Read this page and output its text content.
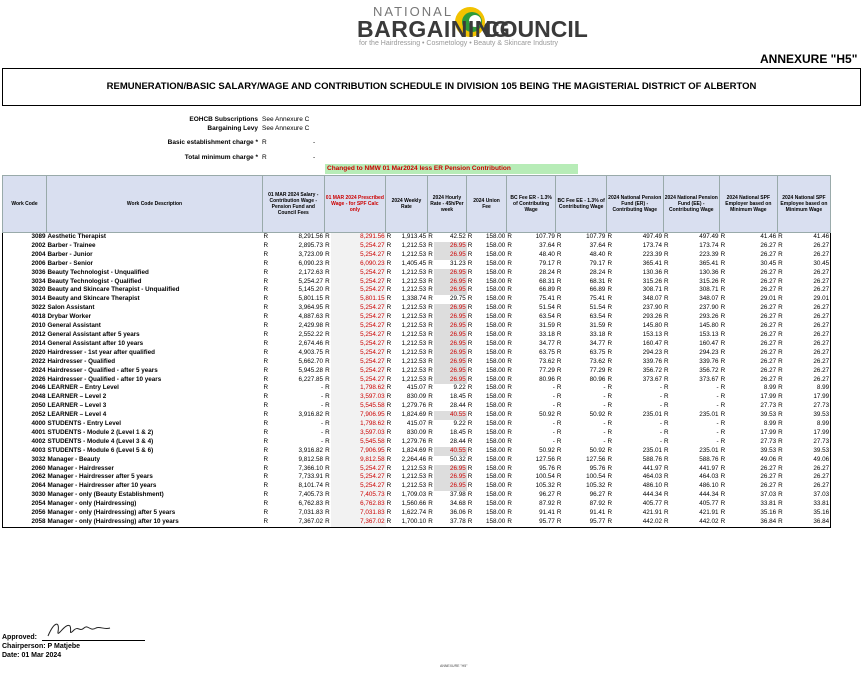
NATIONAL
BARGAINING
COUNCIL
for the Hairdressing • Cosmetology • Beauty & Skincare Industry
ANNEXURE "H5"
REMUNERATION/BASIC SALARY/WAGE AND CONTRIBUTION SCHEDULE IN DIVISION 105 BEING THE MAGISTERIAL DISTRICT OF ALBERTON
EOHCB Subscriptions See Annexure C
Bargaining Levy See Annexure C
Basic establishment charge * R	-
Total minimum charge * R	-
Changed to NMW 01 Mar2024 less ER Pension Contribution
Work Code	Work Code Description	01 MAR 2024 Salary - Contribution Wage - Pension Fund and Council Fees		01 MAR 2024 Prescribed Wage - for SPF Calc only		2024 Weekly Rate		2024 Hourly Rate - 45h/Per week		2024 Union Fee		BC Fee ER - 1.3% of Contributing Wage		BC Fee EE - 1.3% of Contributing Wage		2024 National Pension Fund (ER) - Contributing Wage		2024 National Pension Fund (EE) - Contributing Wage		2024 National SPF Employer based on Minimum Wage		2024 National SPF Employee based on Minimum Wage	
3089	Aesthetic Therapist	R	8,291.56	R	8,291.56	R	1,913.45	R	42.52	R	158.00	R	107.79	R	107.79	R	497.49	R	497.49	R	41.46	R	41.46
2002	Barber - Trainee	R	2,895.73	R	5,254.27	R	1,212.53	R	26.95	R	158.00	R	37.64	R	37.64	R	173.74	R	173.74	R	26.27	R	26.27
2004	Barber - Junior	R	3,723.09	R	5,254.27	R	1,212.53	R	26.95	R	158.00	R	48.40	R	48.40	R	223.39	R	223.39	R	26.27	R	26.27
2006	Barber - Senior	R	6,090.23	R	6,090.23	R	1,405.45	R	31.23	R	158.00	R	79.17	R	79.17	R	365.41	R	365.41	R	30.45	R	30.45
3036	Beauty Technologist - Unqualified	R	2,172.63	R	5,254.27	R	1,212.53	R	26.95	R	158.00	R	28.24	R	28.24	R	130.36	R	130.36	R	26.27	R	26.27
3034	Beauty Technologist - Qualified	R	5,254.27	R	5,254.27	R	1,212.53	R	26.95	R	158.00	R	68.31	R	68.31	R	315.26	R	315.26	R	26.27	R	26.27
3020	Beauty and Skincare Therapist - Unqualified	R	5,145.20	R	5,254.27	R	1,212.53	R	26.95	R	158.00	R	66.89	R	66.89	R	308.71	R	308.71	R	26.27	R	26.27
3014	Beauty and Skincare Therapist	R	5,801.15	R	5,801.15	R	1,338.74	R	29.75	R	158.00	R	75.41	R	75.41	R	348.07	R	348.07	R	29.01	R	29.01
3022	Salon Assistant	R	3,964.95	R	5,254.27	R	1,212.53	R	26.95	R	158.00	R	51.54	R	51.54	R	237.90	R	237.90	R	26.27	R	26.27
4018	Drybar Worker	R	4,887.63	R	5,254.27	R	1,212.53	R	26.95	R	158.00	R	63.54	R	63.54	R	293.26	R	293.26	R	26.27	R	26.27
2010	General Assistant	R	2,429.98	R	5,254.27	R	1,212.53	R	26.95	R	158.00	R	31.59	R	31.59	R	145.80	R	145.80	R	26.27	R	26.27
2012	General Assistant after 5 years	R	2,552.22	R	5,254.27	R	1,212.53	R	26.95	R	158.00	R	33.18	R	33.18	R	153.13	R	153.13	R	26.27	R	26.27
2014	General Assistant after 10 years	R	2,674.46	R	5,254.27	R	1,212.53	R	26.95	R	158.00	R	34.77	R	34.77	R	160.47	R	160.47	R	26.27	R	26.27
2020	Hairdresser - 1st year after qualified	R	4,903.75	R	5,254.27	R	1,212.53	R	26.95	R	158.00	R	63.75	R	63.75	R	294.23	R	294.23	R	26.27	R	26.27
2022	Hairdresser - Qualified	R	5,662.70	R	5,254.27	R	1,212.53	R	26.95	R	158.00	R	73.62	R	73.62	R	339.76	R	339.76	R	26.27	R	26.27
2024	Hairdresser - Qualified - after 5 years	R	5,945.28	R	5,254.27	R	1,212.53	R	26.95	R	158.00	R	77.29	R	77.29	R	356.72	R	356.72	R	26.27	R	26.27
2026	Hairdresser - Qualified - after 10 years	R	6,227.85	R	5,254.27	R	1,212.53	R	26.95	R	158.00	R	80.96	R	80.96	R	373.67	R	373.67	R	26.27	R	26.27
2046	LEARNER – Entry Level	R	-	R	1,798.62	R	415.07	R	9.22	R	158.00	R	-	R	-	R	-	R	-	R	8.99	R	8.99
2048	LEARNER – Level 2	R	-	R	3,597.03	R	830.09	R	18.45	R	158.00	R	-	R	-	R	-	R	-	R	17.99	R	17.99
2050	LEARNER – Level 3	R	-	R	5,545.58	R	1,279.76	R	28.44	R	158.00	R	-	R	-	R	-	R	-	R	27.73	R	27.73
2052	LEARNER – Level 4	R	3,916.82	R	7,906.95	R	1,824.69	R	40.55	R	158.00	R	50.92	R	50.92	R	235.01	R	235.01	R	39.53	R	39.53
4000	STUDENTS - Entry Level	R	-	R	1,798.62	R	415.07	R	9.22	R	158.00	R	-	R	-	R	-	R	-	R	8.99	R	8.99
4001	STUDENTS - Module 2 (Level 1 & 2)	R	-	R	3,597.03	R	830.09	R	18.45	R	158.00	R	-	R	-	R	-	R	-	R	17.99	R	17.99
4002	STUDENTS - Module 4 (Level 3 & 4)	R	-	R	5,545.58	R	1,279.76	R	28.44	R	158.00	R	-	R	-	R	-	R	-	R	27.73	R	27.73
4003	STUDENTS - Module 6 (Level 5 & 6)	R	3,916.82	R	7,906.95	R	1,824.69	R	40.55	R	158.00	R	50.92	R	50.92	R	235.01	R	235.01	R	39.53	R	39.53
3032	Manager - Beauty	R	9,812.58	R	9,812.58	R	2,264.46	R	50.32	R	158.00	R	127.56	R	127.56	R	588.76	R	588.76	R	49.06	R	49.06
2060	Manager - Hairdresser	R	7,366.10	R	5,254.27	R	1,212.53	R	26.95	R	158.00	R	95.76	R	95.76	R	441.97	R	441.97	R	26.27	R	26.27
2062	Manager - Hairdresser after 5 years	R	7,733.91	R	5,254.27	R	1,212.53	R	26.95	R	158.00	R	100.54	R	100.54	R	464.03	R	464.03	R	26.27	R	26.27
2064	Manager - Hairdresser after 10 years	R	8,101.74	R	5,254.27	R	1,212.53	R	26.95	R	158.00	R	105.32	R	105.32	R	486.10	R	486.10	R	26.27	R	26.27
3030	Manager - only (Beauty Establishment)	R	7,405.73	R	7,405.73	R	1,709.03	R	37.98	R	158.00	R	96.27	R	96.27	R	444.34	R	444.34	R	37.03	R	37.03
2054	Manager - only (Hairdressing)	R	6,762.83	R	6,762.83	R	1,560.66	R	34.68	R	158.00	R	87.92	R	87.92	R	405.77	R	405.77	R	33.81	R	33.81
2056	Manager - only (Hairdressing) after 5 years	R	7,031.83	R	7,031.83	R	1,622.74	R	36.06	R	158.00	R	91.41	R	91.41	R	421.91	R	421.91	R	35.16	R	35.16
2058	Manager - only (Hairdressing) after 10 years	R	7,367.02	R	7,367.02	R	1,700.10	R	37.78	R	158.00	R	95.77	R	95.77	R	442.02	R	442.02	R	36.84	R	36.84
Approved:
Chairperson: P Matjebe
Date: 01 Mar 2024
ANNEXURE "H5"
